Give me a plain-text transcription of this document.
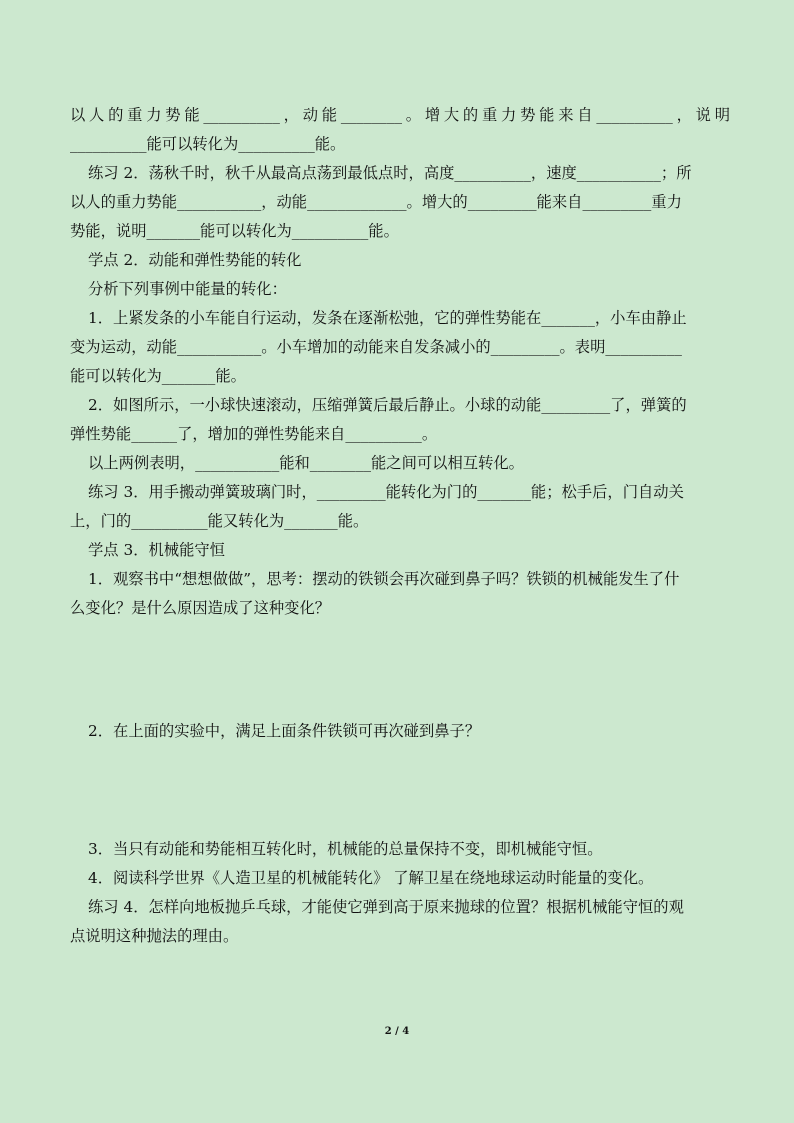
以人的重力势能__________，动能________。增大的重力势能来自__________，说明
__________能可以转化为__________能。
练习 2．荡秋千时，秋千从最高点荡到最低点时，高度__________，速度___________；所
以人的重力势能___________，动能_____________。增大的_________能来自_________重力
势能，说明_______能可以转化为__________能。
学点 2．动能和弹性势能的转化
分析下列事例中能量的转化：
1．上紧发条的小车能自行运动，发条在逐渐松弛，它的弹性势能在_______，小车由静止
变为运动，动能___________。小车增加的动能来自发条减小的_________。表明__________
能可以转化为_______能。
2．如图所示，一小球快速滚动，压缩弹簧后最后静止。小球的动能_________了，弹簧的
弹性势能______了，增加的弹性势能来自__________。
以上两例表明，___________能和________能之间可以相互转化。
练习 3．用手搬动弹簧玻璃门时，_________能转化为门的_______能；松手后，门自动关
上，门的__________能又转化为_______能。
学点 3．机械能守恒
1．观察书中“想想做做”，思考：摆动的铁锁会再次碰到鼻子吗？铁锁的机械能发生了什
么变化？是什么原因造成了这种变化？
2．在上面的实验中，满足上面条件铁锁可再次碰到鼻子？
3．当只有动能和势能相互转化时，机械能的总量保持不变，即机械能守恒。
4．阅读科学世界《人造卫星的机械能转化》 了解卫星在绕地球运动时能量的变化。
练习 4．怎样向地板抛乒乓球，才能使它弹到高于原来抛球的位置？根据机械能守恒的观
点说明这种抛法的理由。
2 / 4
